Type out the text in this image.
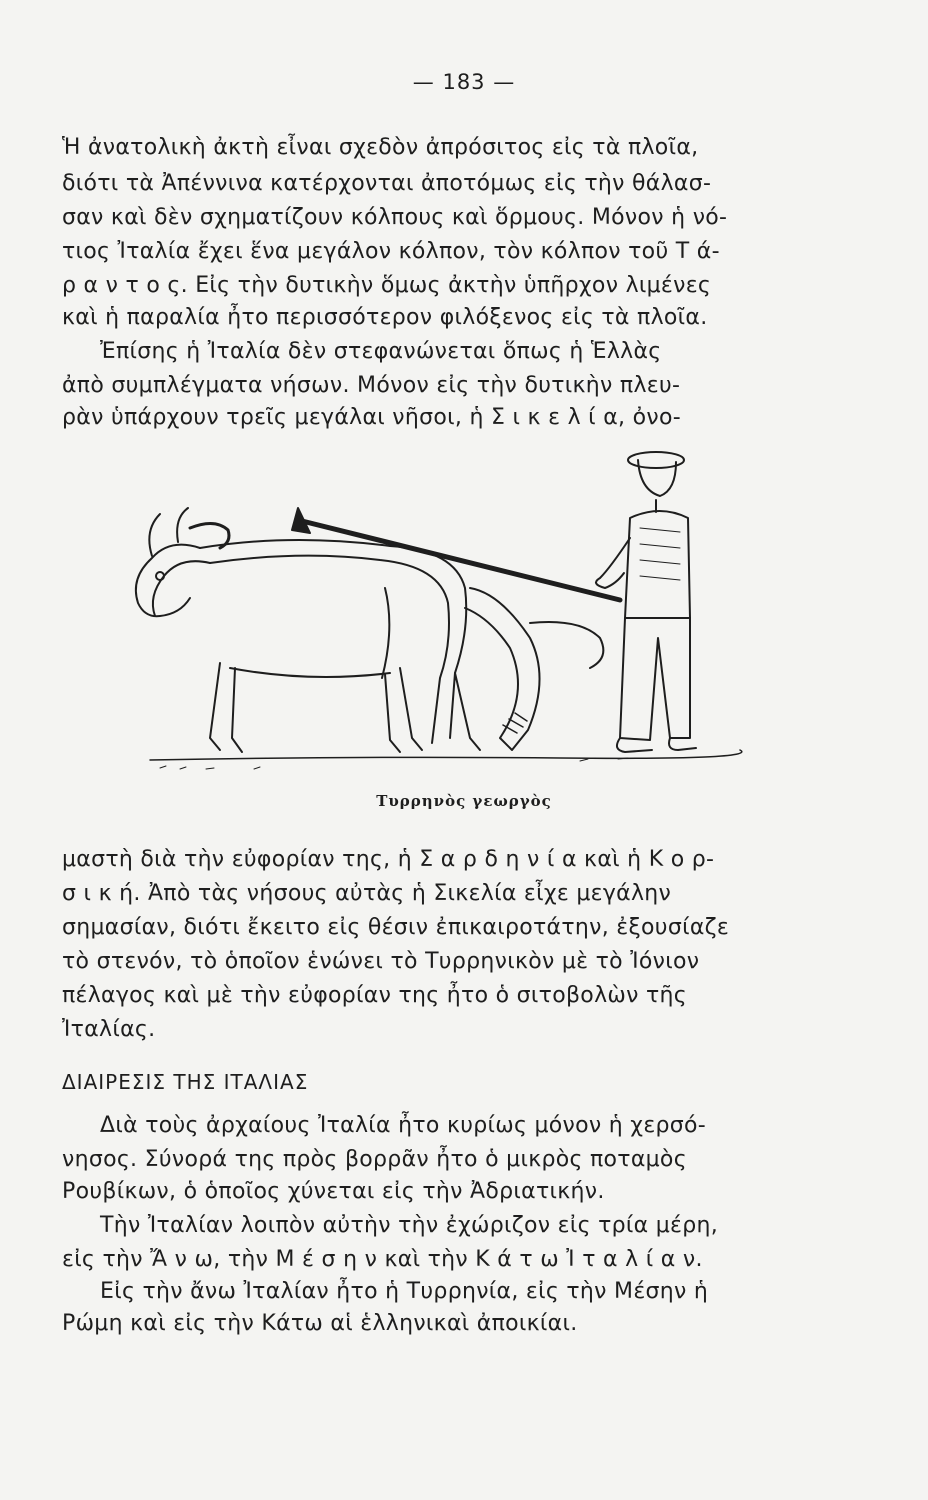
— 183 —
Ἡ ἀνατολικὴ ἀκτὴ εἶναι σχεδὸν ἀπρόσιτος εἰς τὰ πλοῖα,
διότι τὰ Ἀπέννινα κατέρχονται ἀποτόμως εἰς τὴν θάλασ-
σαν καὶ δὲν σχηματίζουν κόλπους καὶ ὅρμους. Μόνον ἡ νό-
τιος Ἰταλία ἔχει ἕνα μεγάλον κόλπον, τὸν κόλπον τοῦ Τ ά-
ρ α ν τ ο ς. Εἰς τὴν δυτικὴν ὅμως ἀκτὴν ὑπῆρχον λιμένες
καὶ ἡ παραλία ἦτο περισσότερον φιλόξενος εἰς τὰ πλοῖα.
Ἐπίσης ἡ Ἰταλία δὲν στεφανώνεται ὅπως ἡ Ἑλλὰς
ἀπὸ συμπλέγματα νήσων. Μόνον εἰς τὴν δυτικὴν πλευ-
ρὰν ὑπάρχουν τρεῖς μεγάλαι νῆσοι, ἡ Σ ι κ ε λ ί α, ὀνο-
Τυρρηνὸς γεωργὸς
μαστὴ διὰ τὴν εὐφορίαν της, ἡ Σ α ρ δ η ν ί α καὶ ἡ Κ ο ρ-
σ ι κ ή. Ἀπὸ τὰς νήσους αὐτὰς ἡ Σικελία εἶχε μεγάλην
σημασίαν, διότι ἔκειτο εἰς θέσιν ἐπικαιροτάτην, ἐξουσίαζε
τὸ στενόν, τὸ ὁποῖον ἑνώνει τὸ Τυρρηνικὸν μὲ τὸ Ἰόνιον
πέλαγος καὶ μὲ τὴν εὐφορίαν της ἦτο ὁ σιτοβολὼν τῆς
Ἰταλίας.
ΔΙΑΙΡΕΣΙΣ ΤΗΣ ΙΤΑΛΙΑΣ
Διὰ τοὺς ἀρχαίους Ἰταλία ἦτο κυρίως μόνον ἡ χερσό-
νησος. Σύνορά της πρὸς βορρᾶν ἦτο ὁ μικρὸς ποταμὸς
Ρουβίκων, ὁ ὁποῖος χύνεται εἰς τὴν Ἀδριατικήν.
Τὴν Ἰταλίαν λοιπὸν αὐτὴν τὴν ἐχώριζον εἰς τρία μέρη,
εἰς τὴν Ἄ ν ω, τὴν Μ έ σ η ν καὶ τὴν Κ ά τ ω Ἰ τ α λ ί α ν.
Εἰς τὴν ἄνω Ἰταλίαν ἦτο ἡ Τυρρηνία, εἰς τὴν Μέσην ἡ
Ρώμη καὶ εἰς τὴν Κάτω αἱ ἑλληνικαὶ ἀποικίαι.
